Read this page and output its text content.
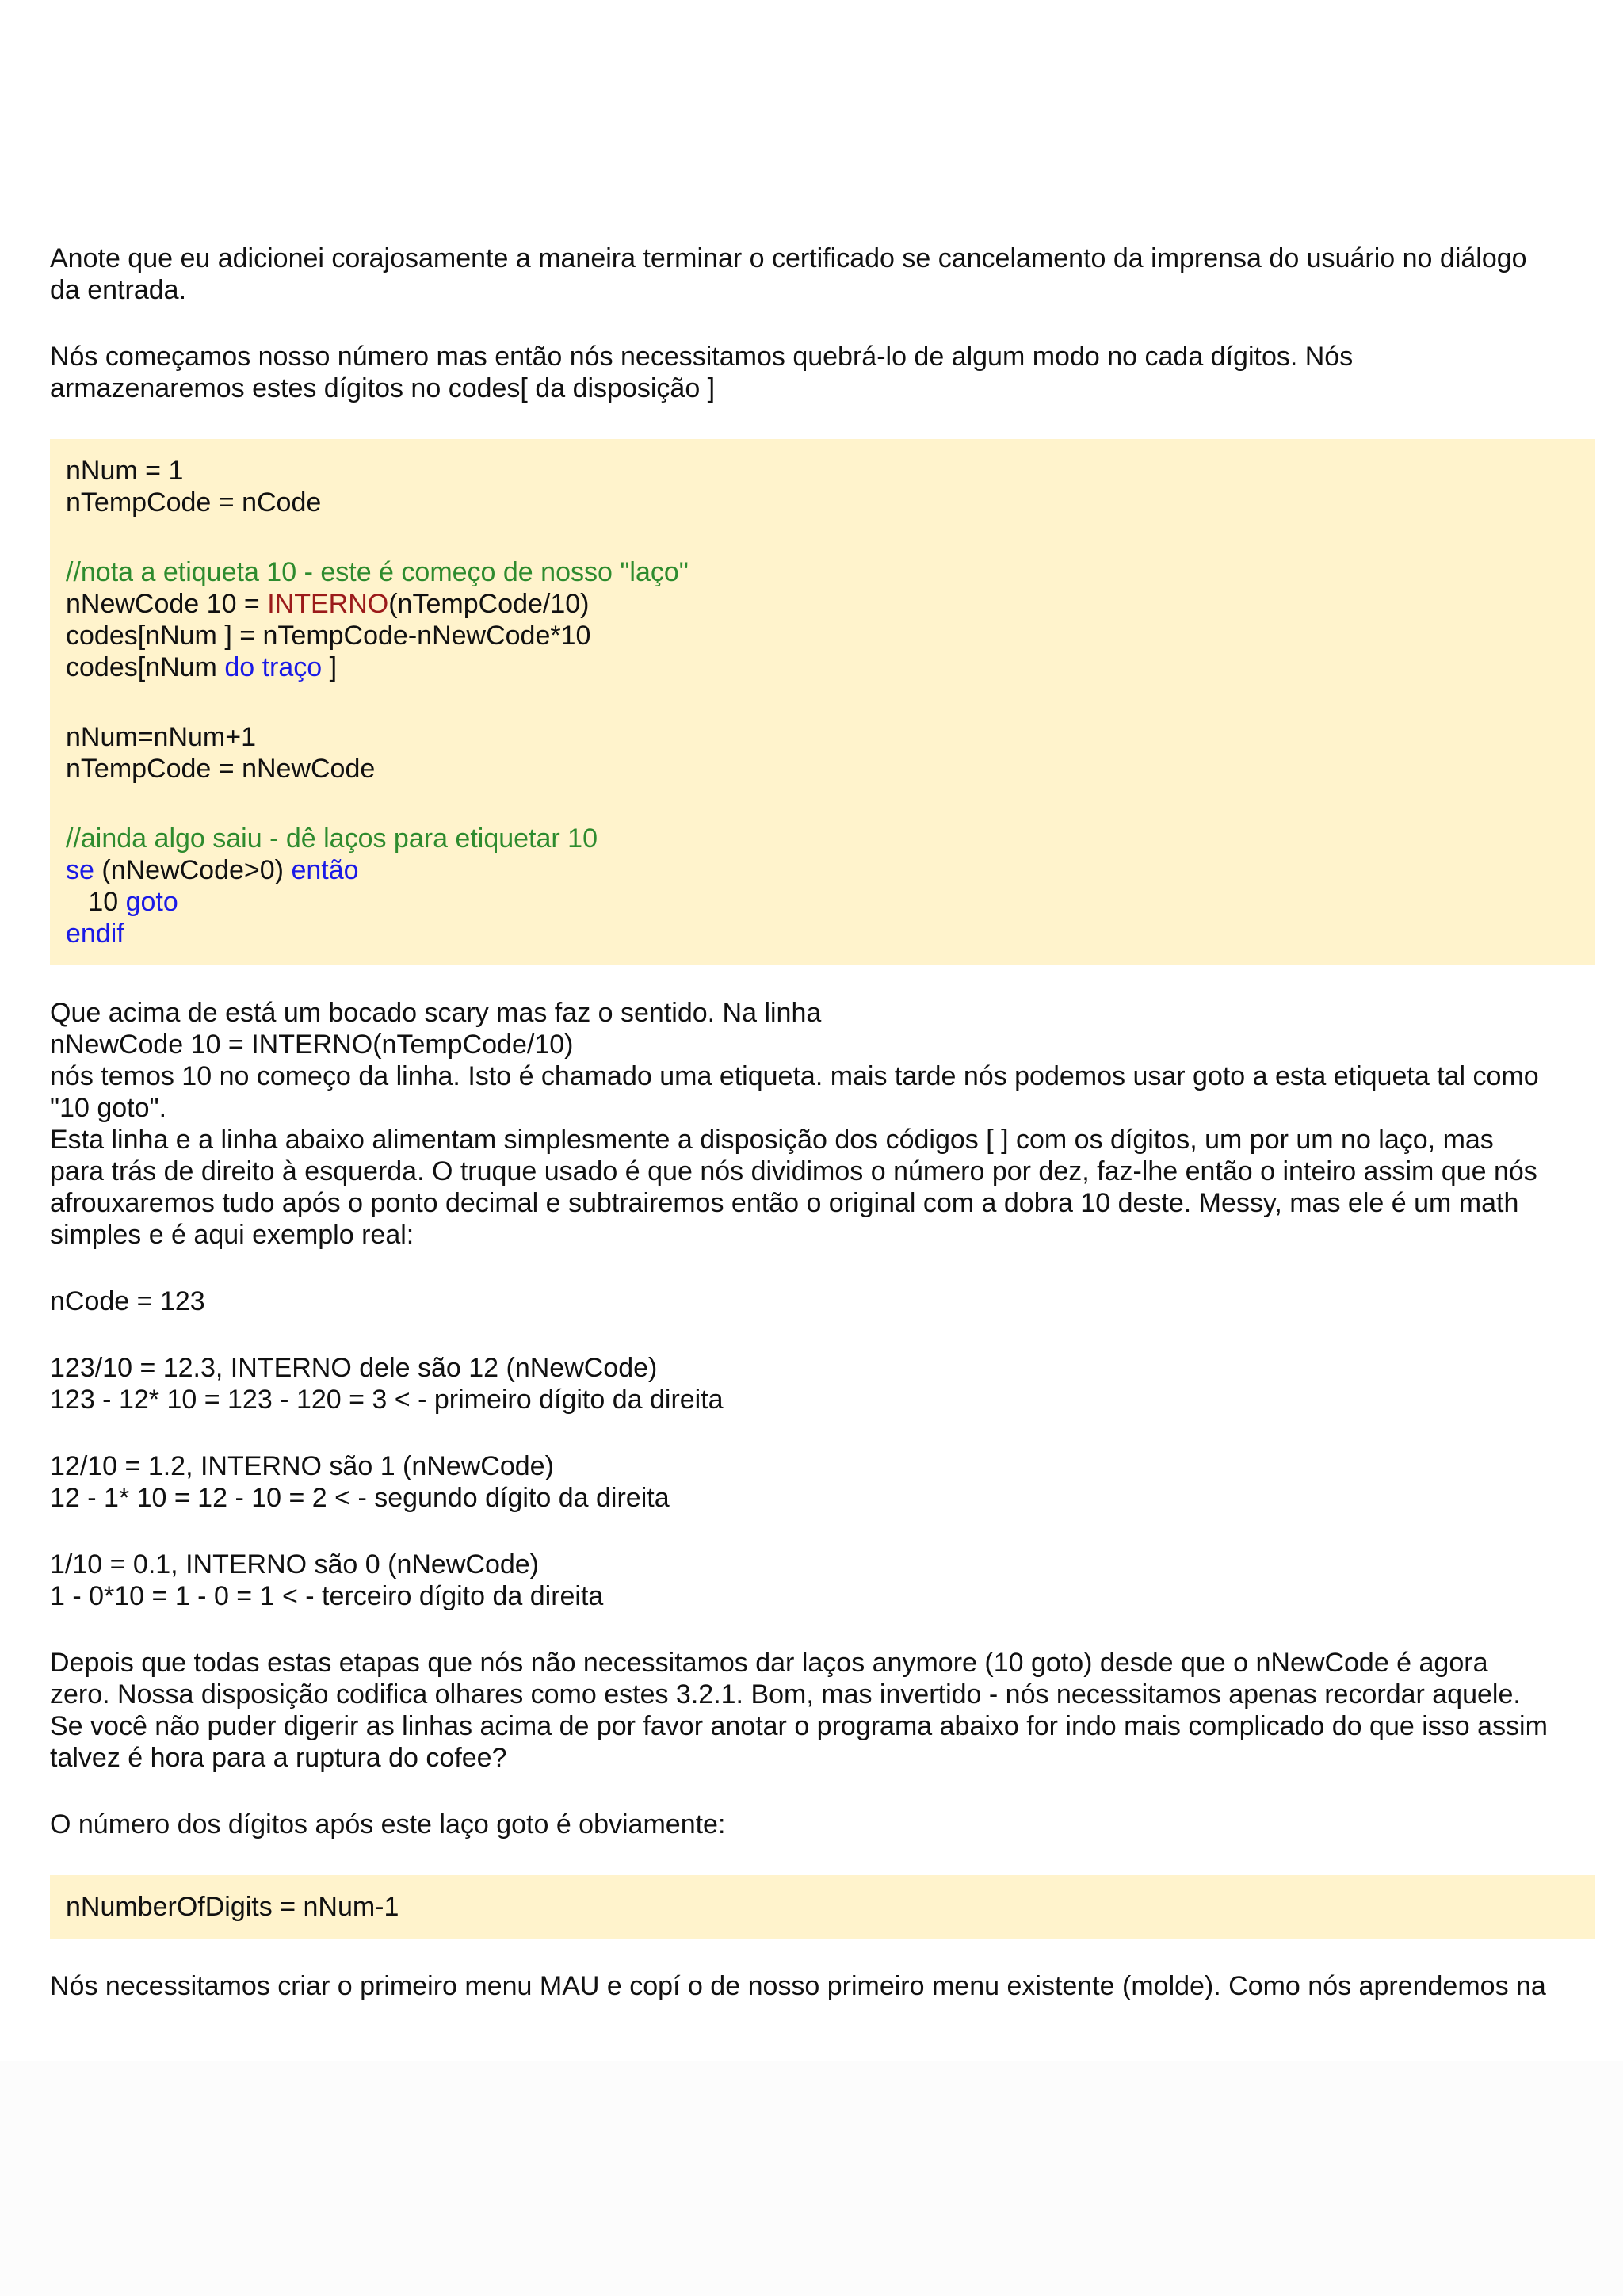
Anote que eu adicionei corajosamente a maneira terminar o certificado se cancelamento da imprensa do usuário no diálogo
da entrada.

Nós começamos nosso número mas então nós necessitamos quebrá-lo de algum modo no cada dígitos. Nós
armazenaremos estes dígitos no codes[ da disposição ]

nNum = 1
nTempCode = nCode
//nota a etiqueta 10 - este é começo de nosso "laço"
nNewCode 10 = INTERNO(nTempCode/10)
codes[nNum ] = nTempCode-nNewCode*10
codes[nNum do traço ]
nNum=nNum+1
nTempCode = nNewCode
//ainda algo saiu - dê laços para etiquetar 10
se (nNewCode>0) então
10 goto
endif

Que acima de está um bocado scary mas faz o sentido. Na linha
nNewCode 10 = INTERNO(nTempCode/10)
nós temos 10 no começo da linha. Isto é chamado uma etiqueta. mais tarde nós podemos usar goto a esta etiqueta tal como
"10 goto".
Esta linha e a linha abaixo alimentam simplesmente a disposição dos códigos [ ] com os dígitos, um por um no laço, mas
para trás de direito à esquerda. O truque usado é que nós dividimos o número por dez, faz-lhe então o inteiro assim que nós
afrouxaremos tudo após o ponto decimal e subtrairemos então o original com a dobra 10 deste. Messy, mas ele é um math
simples e é aqui exemplo real:

nCode = 123

123/10 = 12.3, INTERNO dele são 12 (nNewCode)
123 - 12* 10 = 123 - 120 = 3 < - primeiro dígito da direita

12/10 = 1.2, INTERNO são 1 (nNewCode)
12 - 1* 10 = 12 - 10 = 2 < - segundo dígito da direita

1/10 = 0.1, INTERNO são 0 (nNewCode)
1 - 0*10 = 1 - 0 = 1 < - terceiro dígito da direita

Depois que todas estas etapas que nós não necessitamos dar laços anymore (10 goto) desde que o nNewCode é agora
zero. Nossa disposição codifica olhares como estes 3.2.1. Bom, mas invertido - nós necessitamos apenas recordar aquele.
Se você não puder digerir as linhas acima de por favor anotar o programa abaixo for indo mais complicado do que isso assim
talvez é hora para a ruptura do cofee?

O número dos dígitos após este laço goto é obviamente:

nNumberOfDigits = nNum-1

Nós necessitamos criar o primeiro menu MAU e copí o de nosso primeiro menu existente (molde). Como nós aprendemos na
